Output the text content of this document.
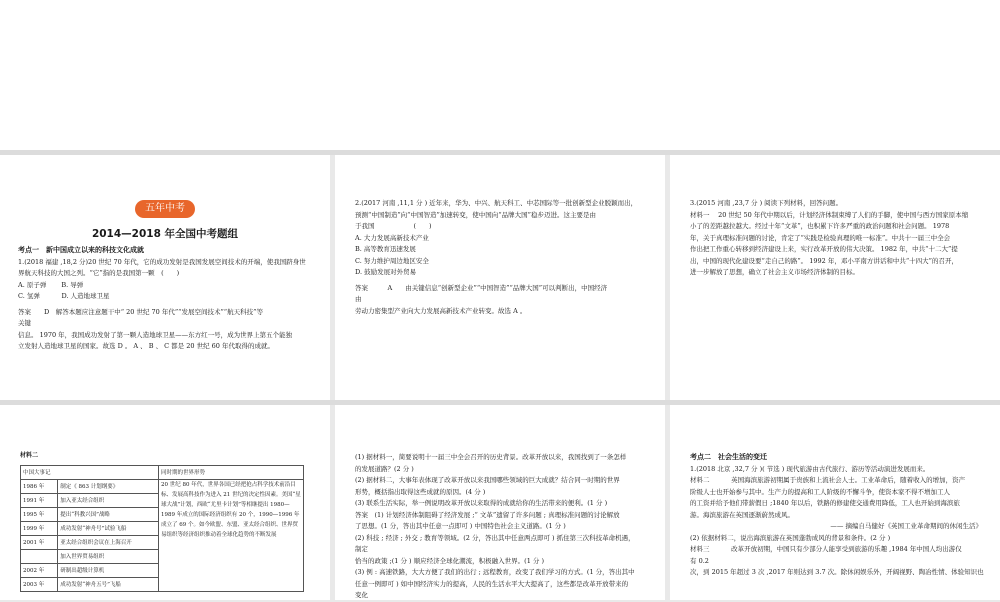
五年中考
2014—2018 年全国中考题组

考点一　新中国成立以来的科技文化成就

1.(2018 福建 ,18,2 分)20 世纪 70 年代，它的成功发射是我国发展空间技术的开端，使我国跻身世

界航天科技的大国之列。“它”指的是我国第一颗　(　　)

A. 原子弹　　 B. 导弹

C. 氢弹　　　 D. 人造地球卫星

答案　　D　解答本题应注意题干中“ 20 世纪 70 年代”“发展空间技术”“航天科技”等

关键

信息。 1970 年，我国成功发射了第一颗人造地球卫星——东方红一号，成为世界上第五个能独

立发射人造地球卫星的国家。故选 D 。 A 、 B 、 C 都是 20 世纪 60 年代取得的成就。

2.(2017 河南 ,11,1 分 ) 近年来，华为、中兴、航天科工、中芯国际等一批创新型企业脱颖而出，

预测“中国制造”向“中国智造”加速转变，使中国向“品牌大国”稳步迈进。这主要是由

于我国　　　　　　(　　)

A. 大力发展高新技术产业

B. 高等教育迅速发展

C. 努力维护周边地区安全

D. 鼓励发展对外贸易

答案　　　A　　由关键信息“创新型企业”“中国智造”“品牌大国”可以判断出，中国经济

由

劳动力密集型产业向大力发展高新技术产业转变。故选 A 。

3.(2015 河南 ,23,7 分 ) 阅读下列材料，回答问题。

材料一　 20 世纪 50 年代中期以后，计划经济体制束缚了人们的手脚，使中国与西方国家原本缩

小了的差距越拉越大。经过十年“文革”，也积累下许多严重的政治问题和社会问题。 1978

年，关于真理标准问题的讨论，肯定了“实践是检验真理的唯一标准”。中共十一届三中全会

作出把工作重心转移到经济建设上来，实行改革开放的伟大决策。 1982 年，中共“十二大”提

出，中国的现代化建设要“走自己的路”。 1992 年，邓小平南方讲话和中共“十四大”的召开，

进一步解放了思想，确立了社会主义市场经济体制的目标。

材料二

中国大事记		同时期的世界形势
1986 年	制定《 863 计划纲要》	20 世纪 80 年代，世界各国已经把抢占科学技术前沿目标、发展高科技作为进入 21 世纪的决定性因素。美国“星球大战”计划，西欧“尤里卡计划”等相继提出 1980—1989 年成立的国际经济组织有 20 个，1990—1996 年成立了 69 个。如今欧盟、东盟、亚太经合组织、世界贸易组织等经济组织推动着全球化趋势的不断发展
1991 年	加入亚太经合组织	
1995 年	提出“科教兴国”战略	
1999 年	成功发射“神舟号”试验飞船	
2001 年	亚太经合组织会议在上海召开	
	加入世界贸易组织	
2002 年	研制出超级计算机	
2003 年	成功发射“神舟五号”飞船	

(1) 据材料一，简要说明十一届三中全会召开的历史背景。改革开放以来，我国找到了一条怎样

的发展道路？(2 分 )

(2) 据材料二，大事年表体现了改革开放以来我国哪些领域的巨大成就？结合同一时期的世界

形势，概括指出取得这些成就的原因。(4 分 )

(3) 联系生活实际，举一例说明改革开放以来取得的成就给你的生活带来的便利。(1 分 )

答案　(1) 计划经济体制阻碍了经济发展 ;“ 文革”遗留了许多问题 ; 真理标准问题的讨论解放

了思想。(1 分，答出其中任意一点即可 ) 中国特色社会主义道路。(1 分 )

(2) 科技 ; 经济 ; 外交 ; 教育等领域。(2 分，答出其中任意两点即可 ) 抓住第三次科技革命机遇，

制定

恰当的政策 ;(1 分 ) 顺应经济全球化潮流，积极融入世界。(1 分 )

(3) 例 : 高速铁路，大大方便了我们的出行 ; 远程教育，改变了我们学习的方式。(1 分，答出其中

任意一例即可 ) 如中国经济实力的提高，人民的生活水平大大提高了，这些都是改革开放带来的

变化

考点二　社会生活的变迁

1.(2018 北京 ,32,7 分 )( 节选 ) 现代旅游由古代旅行、游历等活动演进发展而来。

材料二　　　 英国海滨旅游初期属于贵族和上流社会人士。工业革命后，随着收入的增加，资产

阶级人士也开始参与其中。生产力的提高和工人阶级的不懈斗争，使资本家不得不增加工人

的工资并给予他们带薪假日 ;1840 年以后，铁路的修建使交通费用降低，工人也开始到海滨旅

游。海滨旅游在英国逐渐蔚然成风。

—— 摘编自马健好《英国工业革命期间的休闲生活》

(2) 依据材料二，说出海滨旅游在英国蓬勃成风的背景和条件。(2 分 )

材料三　　　 改革开放初期，中国只有少部分人能享受到旅游的乐趣 ,1984 年中国人均出游仅

有 0.2

次，到 2015 年超过 3 次 ,2017 年则达到 3.7 次。除休闲娱乐外，开阔视野、陶冶性情、体验知识也
